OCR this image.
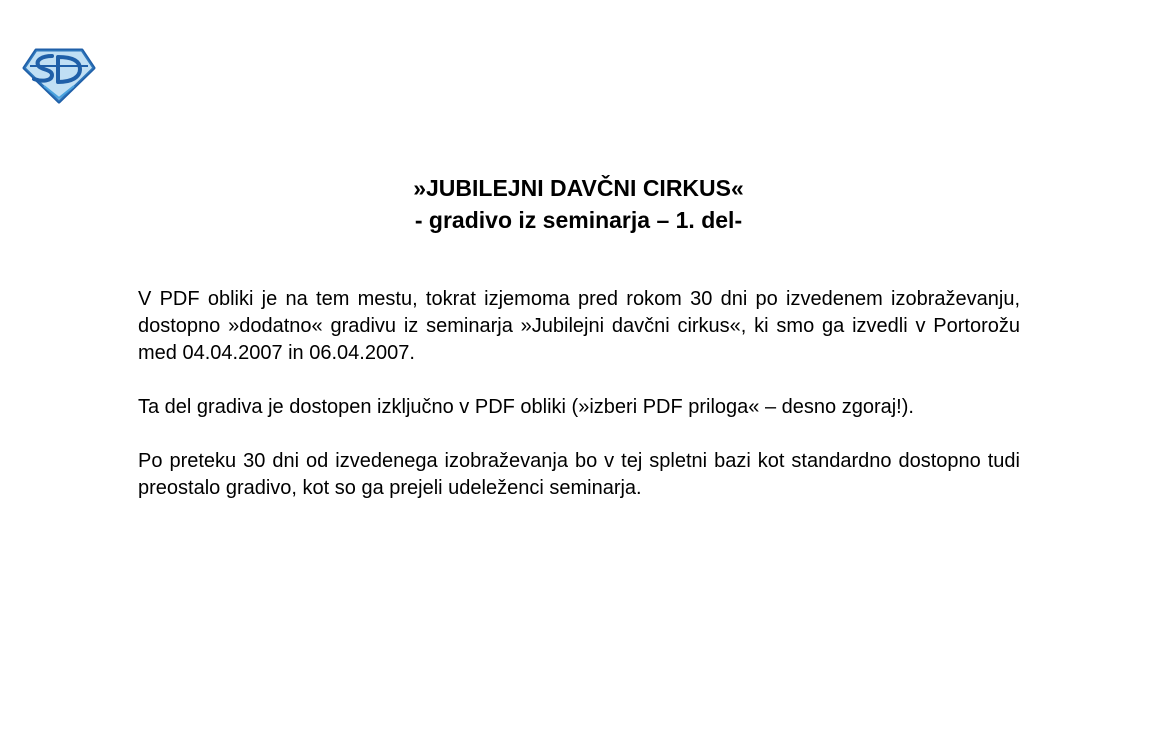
»JUBILEJNI DAVČNI CIRKUS«
- gradivo iz seminarja – 1. del-

V PDF obliki je na tem mestu, tokrat izjemoma pred rokom 30 dni po izvedenem izobraževanju, dostopno »dodatno« gradivu iz seminarja »Jubilejni davčni cirkus«, ki smo ga izvedli v Portorožu med 04.04.2007 in 06.04.2007.

Ta del gradiva je dostopen izključno v PDF obliki (»izberi PDF priloga« – desno zgoraj!).

Po preteku 30 dni od izvedenega izobraževanja bo v tej spletni bazi kot standardno dostopno tudi preostalo gradivo, kot so ga prejeli udeleženci seminarja.
